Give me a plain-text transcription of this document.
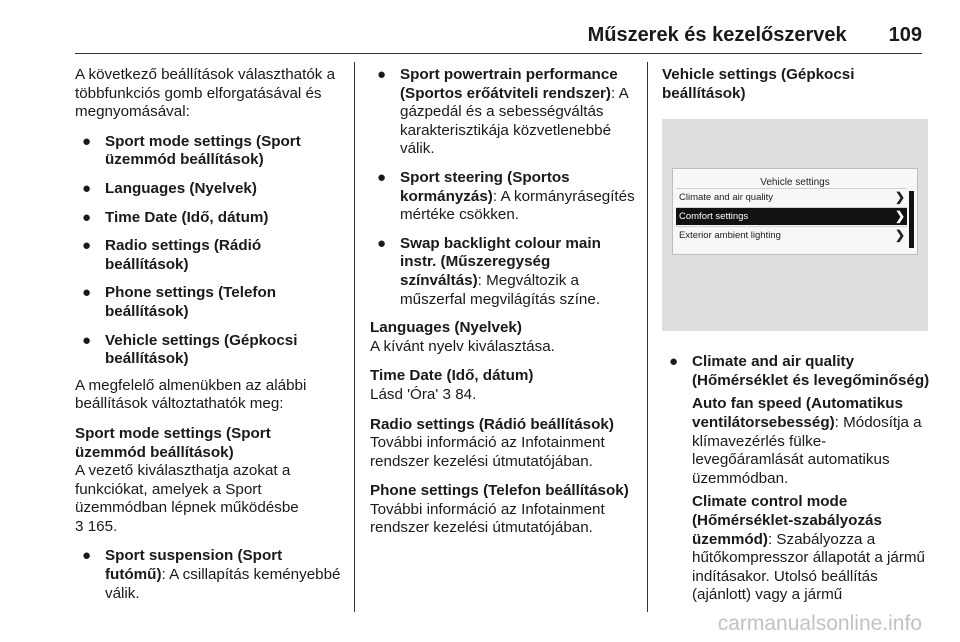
Műszerek és kezelőszervek 109

A következő beállítások választhatók a többfunkciós gomb elforgatásával és megnyomásával:

● Sport mode settings (Sport üzemmód beállítások)
● Languages (Nyelvek)
● Time Date (Idő, dátum)
● Radio settings (Rádió beállítások)
● Phone settings (Telefon beállítások)
● Vehicle settings (Gépkocsi beállítások)

A megfelelő almenükben az alábbi beállítások változtathatók meg:

Sport mode settings (Sport üzemmód beállítások)

A vezető kiválaszthatja azokat a funkciókat, amelyek a Sport üzemmódban lépnek működésbe
3 165.

● Sport suspension (Sport futómű): A csillapítás keményebbé válik.
● Sport powertrain performance (Sportos erőátviteli rendszer): A gázpedál és a sebességváltás karakterisztikája közvetlenebbé válik.
● Sport steering (Sportos kormányzás): A kormányrásegítés mértéke csökken.
● Swap backlight colour main instr. (Műszeregység színváltás): Megváltozik a műszerfal megvilágítás színe.
Languages (Nyelvek)

A kívánt nyelv kiválasztása.

Time Date (Idő, dátum)

Lásd 'Óra' 3 84.

Radio settings (Rádió beállítások)

További információ az Infotainment rendszer kezelési útmutatójában.

Phone settings (Telefon beállítások)

További információ az Infotainment rendszer kezelési útmutatójában.

Vehicle settings (Gépkocsi beállítások)
Vehicle settings
Climate and air quality	❯
Comfort settings	❯
Exterior ambient lighting	❯
● Climate and air quality (Hőmérséklet és levegőminőség)
Auto fan speed (Automatikus ventilátorsebesség): Módosítja a klímavezérlés fülke-levegőáramlását automatikus üzemmódban.
Climate control mode (Hőmérséklet-szabályozás üzemmód): Szabályozza a hűtőkompresszor állapotát a jármű indításakor. Utolsó beállítás (ajánlott) vagy a jármű
carmanualsonline.info
